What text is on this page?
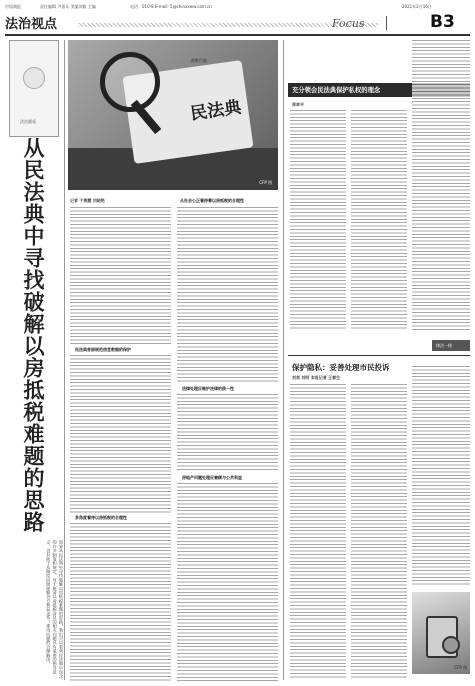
中国商报	责任编辑 尹嘉乐 美编刘毅 主编	电话：010-8 E-mail: 5@chinaxww.com.cn	2021年2月16日
法治视点	Focus	B3
法治圆桌
从民法典中寻找破解以房抵税难题的思路
如果从民法典中寻找破解以房抵税难题的思路，我们可以看到民法典中包含的许多制度和规定，对于厘清以房抵税涉及的相关问题具有重要的指导意义，也有助于从制度层面理顺各方利益关系，推动问题的合理解决。
民法典
视野行政
CFP 图
记者 于海慧 刘晓艳
民法典首部规范信息数据的保护
多角度看待以房抵税的合理性
从社会公正看待善以房抵税的合理性
法律处理应维护法律的统一性
房地产问题处理应兼顾与公共利益
充分领会民法典保护私权的理念
郑孝平
律法一线
保护隐私：妥善处理市民投诉
刘昊 刘明 本报记者 王春生
CFP 图
